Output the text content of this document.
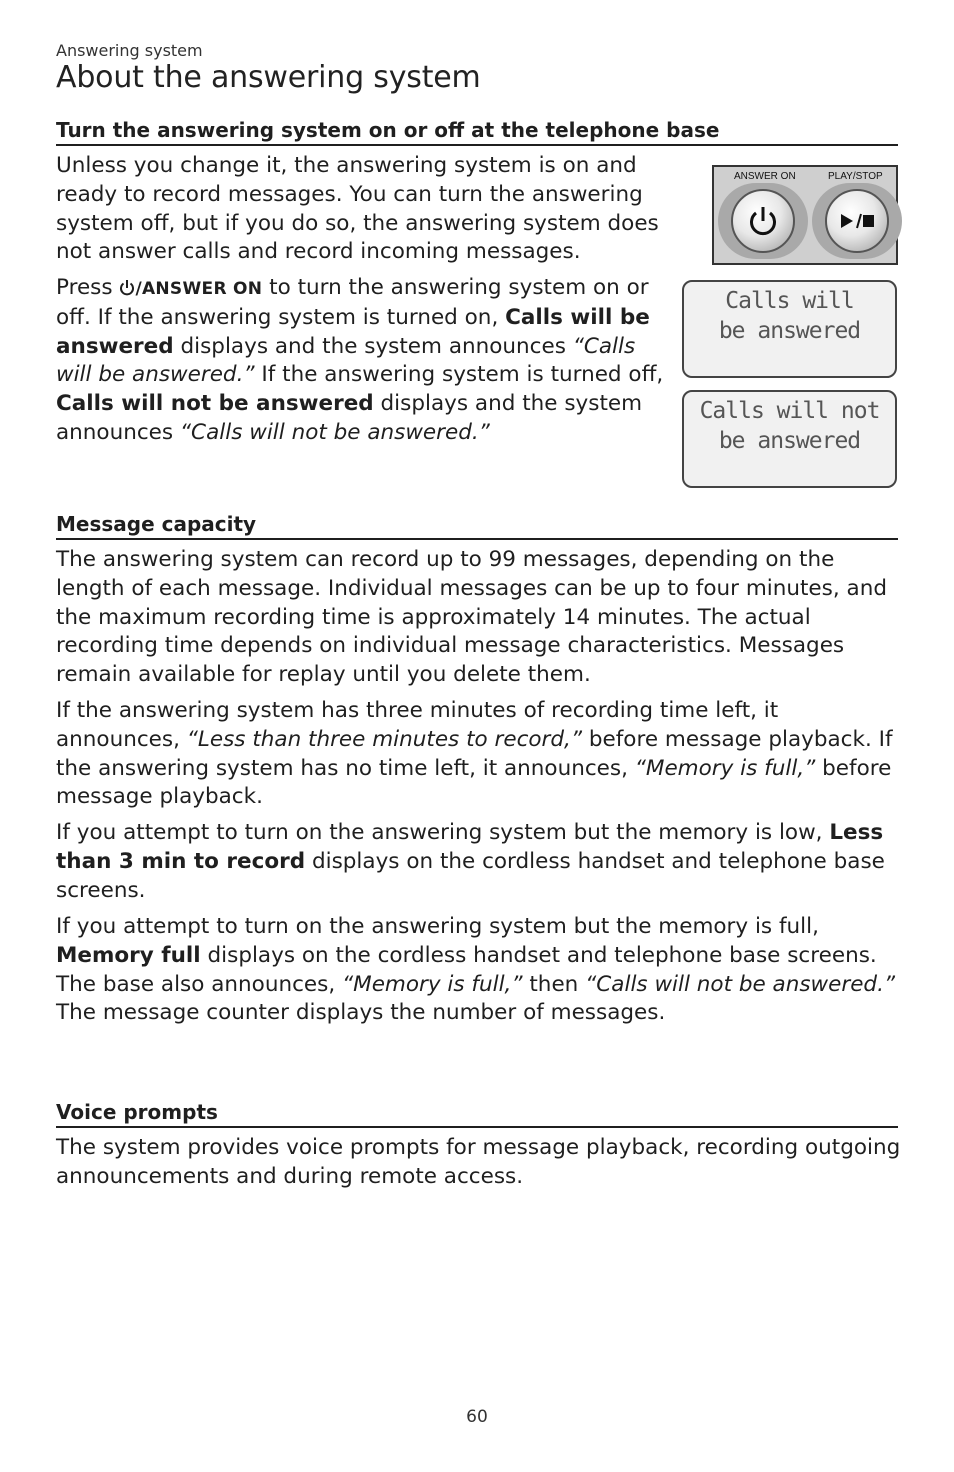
Answering system
About the answering system
Turn the answering system on or off at the telephone base

Unless you change it, the answering system is on and ready to record messages. You can turn the answering system off, but if you do so, the answering system does not answer calls and record incoming messages.

Press /ANSWER ON to turn the answering system on or off. If the answering system is turned on, Calls will be answered displays and the system announces “Calls will be answered.” If the answering system is turned off, Calls will not be answered displays and the system announces “Calls will not be answered.”

Message capacity

The answering system can record up to 99 messages, depending on the length of each message. Individual messages can be up to four minutes, and the maximum recording time is approximately 14 minutes. The actual recording time depends on individual message characteristics. Messages remain available for replay until you delete them.

If the answering system has three minutes of recording time left, it announces, “Less than three minutes to record,” before message playback. If the answering system has no time left, it announces, “Memory is full,” before message playback.

If you attempt to turn on the answering system but the memory is low, Less than 3 min to record displays on the cordless handset and telephone base screens.

If you attempt to turn on the answering system but the memory is full, Memory full displays on the cordless handset and telephone base screens. The base also announces, “Memory is full,” then “Calls will not be answered.” The message counter displays the number of messages.

Voice prompts

The system provides voice prompts for message playback, recording outgoing announcements and during remote access.

60
ANSWER ON	PLAY/STOP
Calls will
be answered
Calls will not
be answered
